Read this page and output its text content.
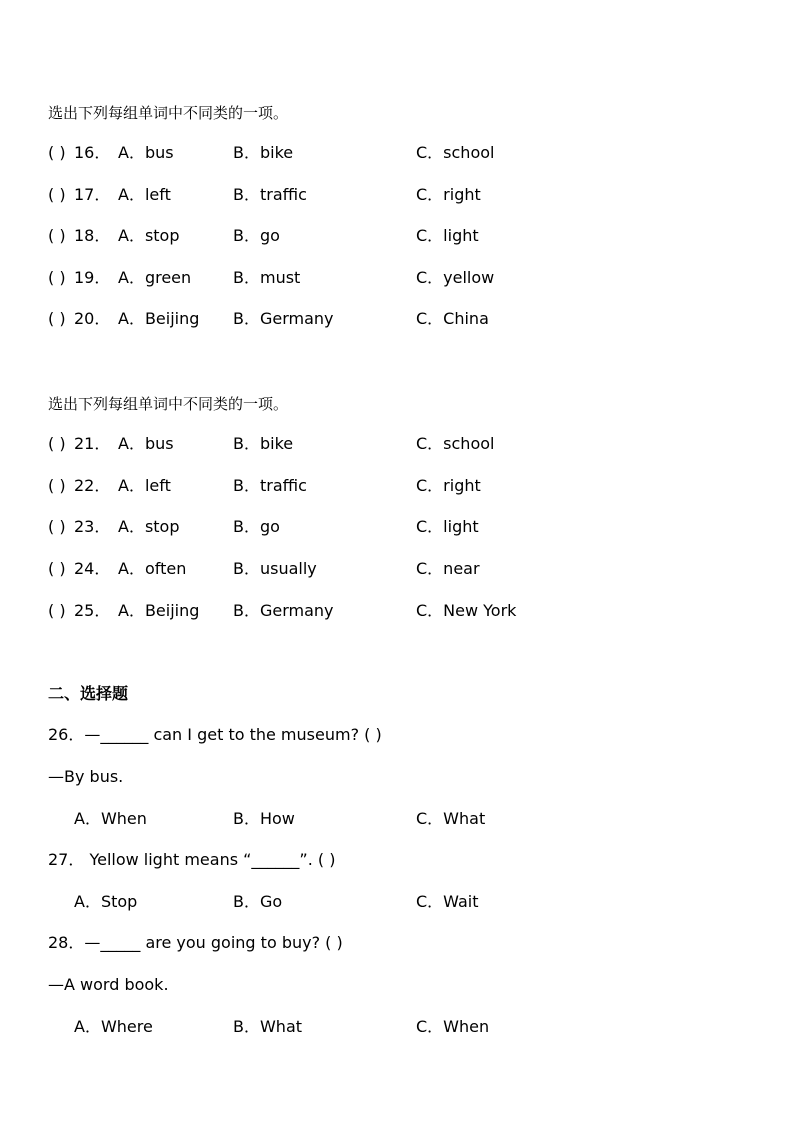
选出下列每组单词中不同类的一项。
( ) 16． A．bus	B．bike	C．school
( ) 17． A．left	B．traffic	C．right
( ) 18． A．stop	B．go	C．light
( ) 19． A．green	B．must	C．yellow
( ) 20． A．Beijing B．Germany	C．China
选出下列每组单词中不同类的一项。
( ) 21． A．bus	B．bike	C．school
( ) 22． A．left	B．traffic	C．right
( ) 23． A．stop	B．go	C．light
( ) 24． A．often	B．usually	C．near
( ) 25． A．Beijing B．Germany	C．New York
二、选择题
26．—______ can I get to the museum? ( )
—By bus.
A．When	B．How	C．What
27． Yellow light means “______”. ( )
A．Stop	B．Go	C．Wait
28．—_____ are you going to buy? ( )
—A word book.
A．Where	B．What	C．When
